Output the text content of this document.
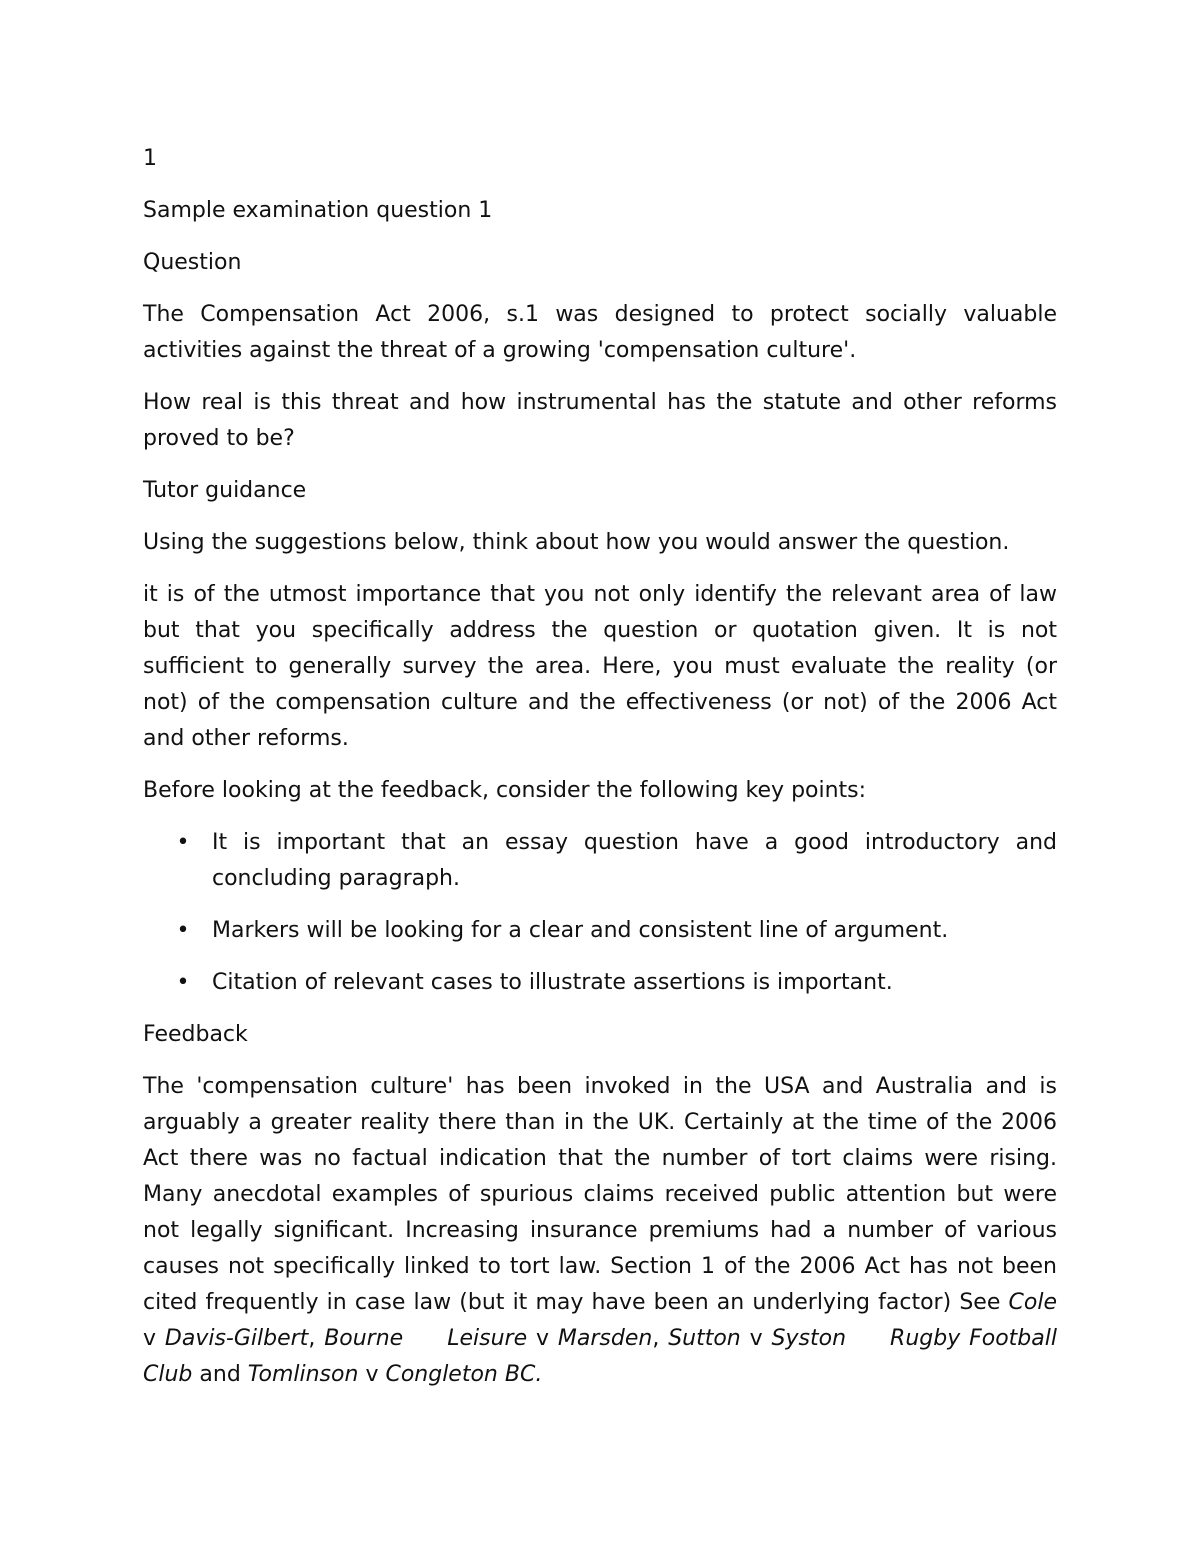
1

Sample examination question 1

Question

The Compensation Act 2006, s.1 was designed to protect socially valuable activities against the threat of a growing 'compensation culture'.

How real is this threat and how instrumental has the statute and other reforms proved to be?

Tutor guidance

Using the suggestions below, think about how you would answer the question.

it is of the utmost importance that you not only identify the relevant area of law but that you specifically address the question or quotation given. It is not sufficient to generally survey the area. Here, you must evaluate the reality (or not) of the compensation culture and the effectiveness (or not) of the 2006 Act and other reforms.

Before looking at the feedback, consider the following key points:

• It is important that an essay question have a good introductory and concluding paragraph.
• Markers will be looking for a clear and consistent line of argument.
• Citation of relevant cases to illustrate assertions is important.

Feedback

The 'compensation culture' has been invoked in the USA and Australia and is arguably a greater reality there than in the UK. Certainly at the time of the 2006 Act there was no factual indication that the number of tort claims were rising. Many anecdotal examples of spurious claims received public attention but were not legally significant. Increasing insurance premiums had a number of various causes not specifically linked to tort law. Section 1 of the 2006 Act has not been cited frequently in case law (but it may have been an underlying factor) See Cole v Davis-Gilbert, Bourne Leisure v Marsden, Sutton v Syston Rugby Football Club and Tomlinson v Congleton BC.
